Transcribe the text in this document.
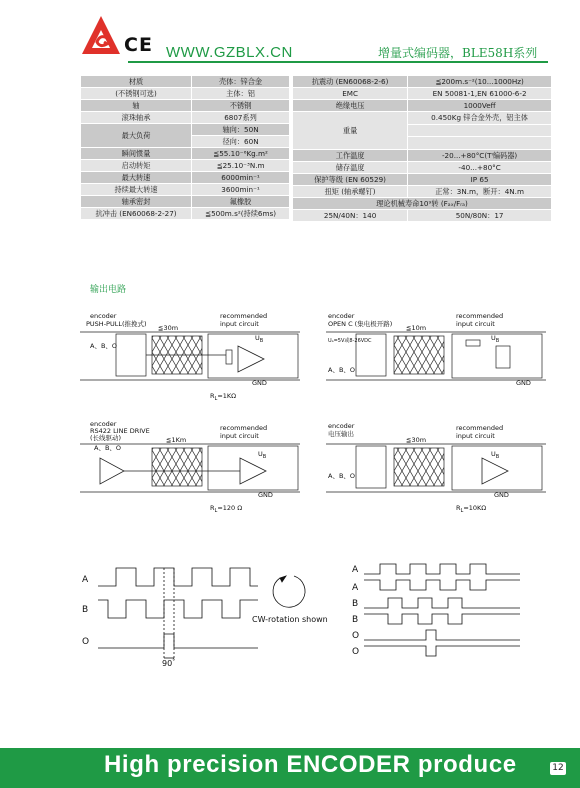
CE WWW.GZBLX.CN	增量式编码器，BLE58H系列
材质	壳体：锌合金
(不锈钢可选)	主体：铝
轴	不锈钢
滚珠轴承	6807系列
最大负荷	轴向：50N
	径向：60N
瞬间惯量	≦55.10⁻⁶Kg.m²
启动转矩	≦25.10⁻³N.m
最大转速	6000min⁻¹
持续最大转速	3600min⁻¹
轴承密封	氟橡胶
抗冲击 (EN60068-2-27)	≦500m.s²(持续6ms)
抗震动 (EN60068-2-6)	≦200m.s⁻²(10...1000Hz)
EMC	EN 50081-1,EN 61000-6-2
绝缘电压	1000Veff
重量	0.450Kg 锌合金外壳，铝主体

工作温度	-20...+80°C(Tᴵ编码器)
储存温度	-40...+80°C
保护等级 (EN 60529)	IP 65
扭矩 (轴承螺钉)	正常：3N.m，断开：4N.m
理论机械寿命10⁹转 (Fₐₓ/Fᵣₐ)	
25N/40N：140	50N/80N：17
输出电路
encoder
PUSH-PULL(推挽式) ≦30m
recommended
input circuit
$U_B$
A、B、O
GND
$R_L=1K\Omega$
encoder
OPEN C (集电极开路) ≦10m
recommended
input circuit
$U_B$
Uₐ=5V或8-26VDC
A、B、O
GND
encoder
RS422 LINE DRIVE
(长线驱动)	≦1Km
recommended
input circuit
$U_B$
A、B、O
GND
$R_L=120$ Ω
encoder
电压输出
≦30m
recommended
input circuit
$U_B$
A、B、O
GND
$R_L=10K\Omega$
A
B
O
90°
CW-rotation shown
A
A
B
B
O
O
High precision ENCODER produce	12
